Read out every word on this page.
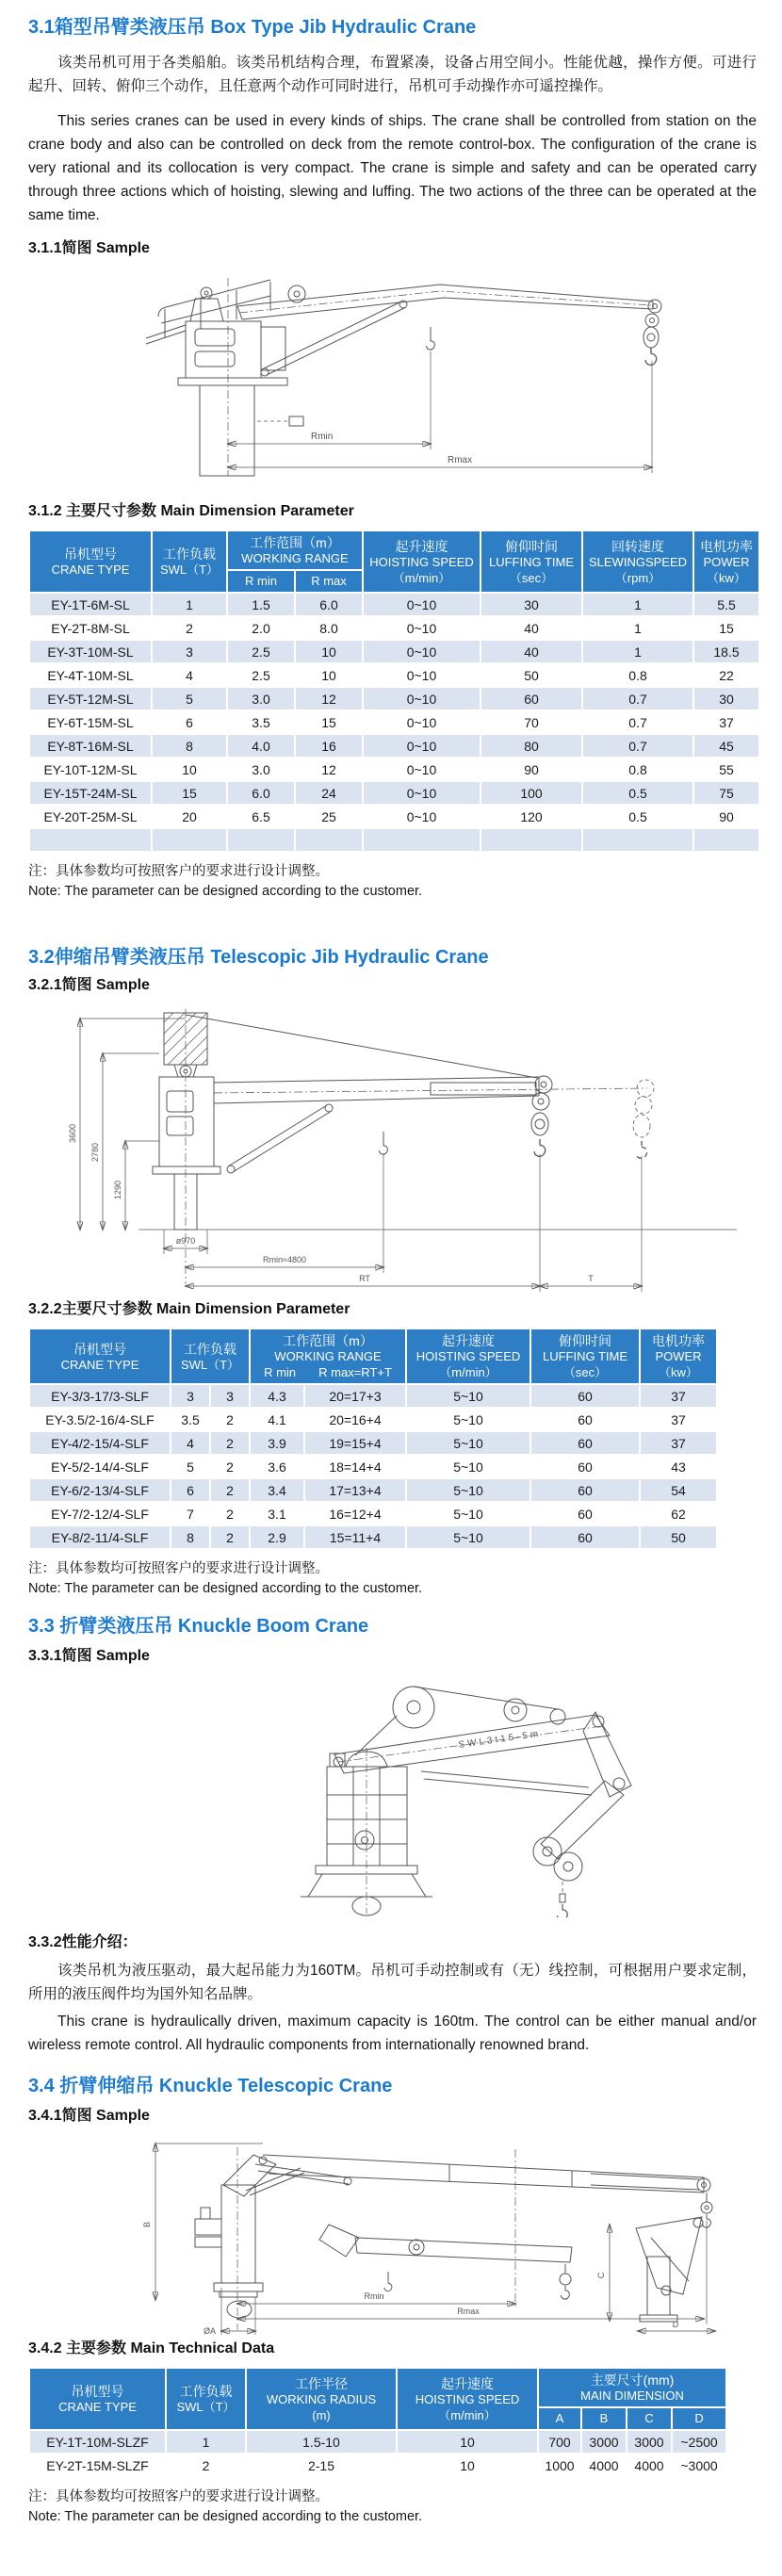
3.1箱型吊臂类液压吊 Box Type Jib Hydraulic Crane

该类吊机可用于各类船舶。该类吊机结构合理，布置紧凑，设备占用空间小。性能优越，操作方便。可进行起升、回转、俯仰三个动作，且任意两个动作可同时进行，吊机可手动操作亦可遥控操作。

This series cranes can be used in every kinds of ships. The crane shall be controlled from station on the crane body and also can be controlled on deck from the remote control-box. The configuration of the crane is very rational and its collocation is very compact. The crane is simple and safety and can be operated carry through three actions which of hoisting, slewing and luffing. The two actions of the three can be operated at the same time.

3.1.1简图 Sample
Rmin
Rmax
3.1.2 主要尺寸参数 Main Dimension Parameter
吊机型号
CRANE TYPE

工作负载
SWL（T）

工作范围（m）
WORKING RANGE

起升速度
HOISTING SPEED
（m/min）

俯仰时间
LUFFING TIME
（sec）

回转速度
SLEWINGSPEED
（rpm）

电机功率
POWER
（kw）

		R min	R max				

EY-1T-6M-SL	1	1.5	6.0	0~10	30	1	5.5
EY-2T-8M-SL	2	2.0	8.0	0~10	40	1	15
EY-3T-10M-SL	3	2.5	10	0~10	40	1	18.5
EY-4T-10M-SL	4	2.5	10	0~10	50	0.8	22
EY-5T-12M-SL	5	3.0	12	0~10	60	0.7	30
EY-6T-15M-SL	6	3.5	15	0~10	70	0.7	37
EY-8T-16M-SL	8	4.0	16	0~10	80	0.7	45
EY-10T-12M-SL	10	3.0	12	0~10	90	0.8	55
EY-15T-24M-SL	15	6.0	24	0~10	100	0.5	75
EY-20T-25M-SL	20	6.5	25	0~10	120	0.5	90

注：具体参数均可按照客户的要求进行设计调整。

Note: The parameter can be designed according to the customer.

3.2伸缩吊臂类液压吊 Telescopic Jib Hydraulic Crane
3.2.1简图 Sample
3600
2780
1290
ø970
Rmin≈4800
RT	T
3.2.2主要尺寸参数 Main Dimension Parameter
吊机型号
CRANE TYPE

工作负载
SWL（T）

工作范围（m）
WORKING RANGE
R min R max=RT+T

起升速度
HOISTING SPEED
（m/min）

俯仰时间
LUFFING TIME
（sec）

电机功率
POWER
（kw）

EY-3/3-17/3-SLF	3	3	4.3	20=17+3	5~10	60	37
EY-3.5/2-16/4-SLF	3.5	2	4.1	20=16+4	5~10	60	37
EY-4/2-15/4-SLF	4	2	3.9	19=15+4	5~10	60	37
EY-5/2-14/4-SLF	5	2	3.6	18=14+4	5~10	60	43
EY-6/2-13/4-SLF	6	2	3.4	17=13+4	5~10	60	54
EY-7/2-12/4-SLF	7	2	3.1	16=12+4	5~10	60	62
EY-8/2-11/4-SLF	8	2	2.9	15=11+4	5~10	60	50

注：具体参数均可按照客户的要求进行设计调整。

Note: The parameter can be designed according to the customer.

3.3 折臂类液压吊 Knuckle Boom Crane
3.3.1简图 Sample
SWL3t15-5m
3.3.2性能介绍：

该类吊机为液压驱动，最大起吊能力为160TM。吊机可手动控制或有（无）线控制，可根据用户要求定制，所用的液压阀件均为国外知名品牌。

This crane is hydraulically driven, maximum capacity is 160tm. The control can be either manual and/or wireless remote control. All hydraulic components from internationally renowned brand.

3.4 折臂伸缩吊 Knuckle Telescopic Crane
3.4.1简图 Sample
B
C
D
Rmin
Rmax
ØA
3.4.2 主要参数 Main Technical Data
吊机型号
CRANE TYPE

工作负载
SWL（T）

工作半径
WORKING RADIUS
(m)

起升速度
HOISTING SPEED
（m/min）

主要尺寸(mm)
MAIN DIMENSION

				A	B	C	D

EY-1T-10M-SLZF	1	1.5-10	10	700	3000	3000	~2500
EY-2T-15M-SLZF	2	2-15	10	1000	4000	4000	~3000

注：具体参数均可按照客户的要求进行设计调整。

Note: The parameter can be designed according to the customer.
